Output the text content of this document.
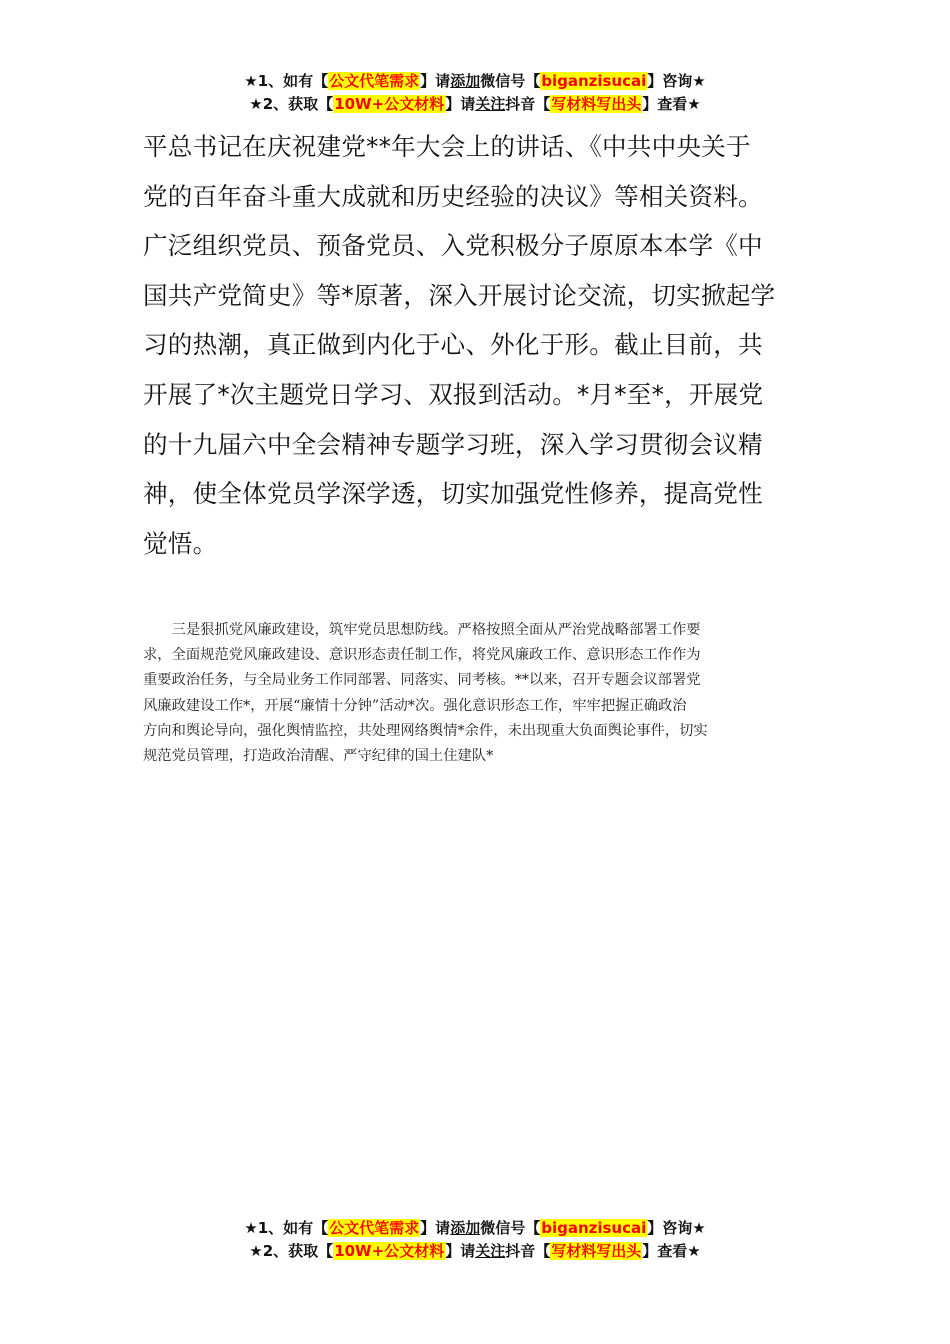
★1、如有【公文代笔需求】请添加微信号【biganzisucai】咨询★
★2、获取【10W+公文材料】请关注抖音【写材料写出头】查看★
平总书记在庆祝建党**年大会上的讲话、《中共中央关于
党的百年奋斗重大成就和历史经验的决议》等相关资料。
广泛组织党员、预备党员、入党积极分子原原本本学《中
国共产党简史》等*原著，深入开展讨论交流，切实掀起学
习的热潮，真正做到内化于心、外化于形。截止目前，共
开展了*次主题党日学习、双报到活动。*月*至*，开展党
的十九届六中全会精神专题学习班，深入学习贯彻会议精
神，使全体党员学深学透，切实加强党性修养，提高党性
觉悟。
　　三是狠抓党风廉政建设，筑牢党员思想防线。严格按照全面从严治党战略部署工作要
求，全面规范党风廉政建设、意识形态责任制工作，将党风廉政工作、意识形态工作作为
重要政治任务，与全局业务工作同部署、同落实、同考核。**以来，召开专题会议部署党
风廉政建设工作*，开展“廉情十分钟”活动*次。强化意识形态工作，牢牢把握正确政治
方向和舆论导向，强化舆情监控，共处理网络舆情*余件，未出现重大负面舆论事件，切实
规范党员管理，打造政治清醒、严守纪律的国土住建队*
★1、如有【公文代笔需求】请添加微信号【biganzisucai】咨询★
★2、获取【10W+公文材料】请关注抖音【写材料写出头】查看★
